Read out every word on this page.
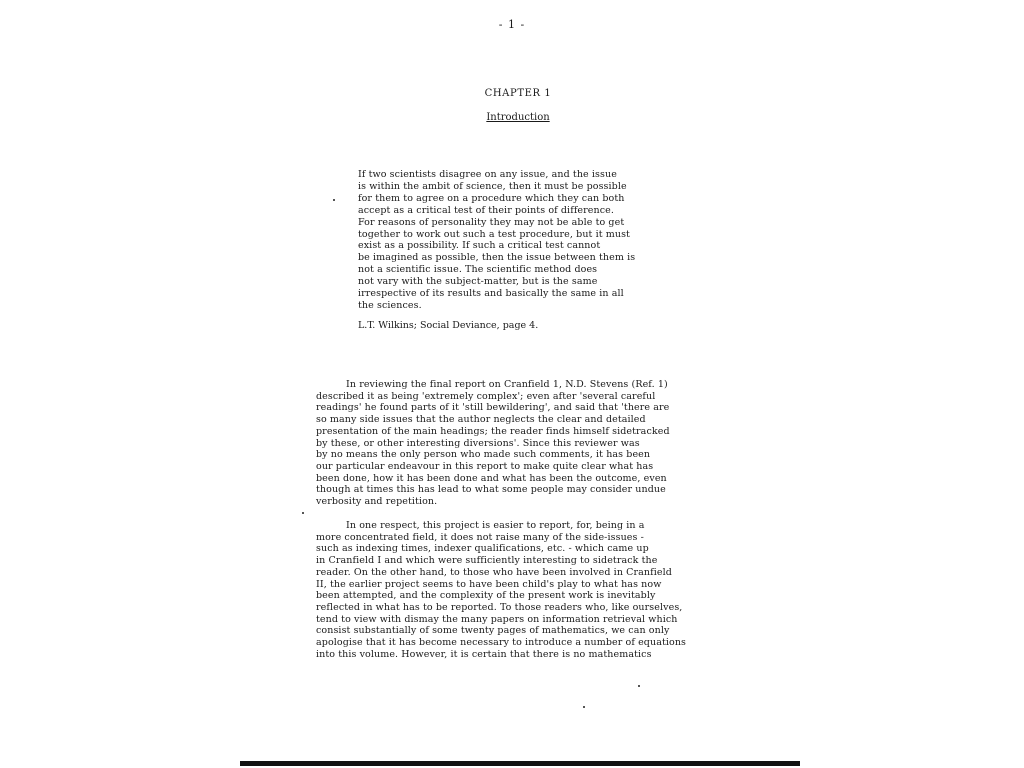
- 1 -
CHAPTER 1
Introduction
If two scientists disagree on any issue, and the issue
is within the ambit of science, then it must be possible
for them to agree on a procedure which they can both
accept as a critical test of their points of difference.
For reasons of personality they may not be able to get
together to work out such a test procedure, but it must
exist as a possibility. If such a critical test cannot
be imagined as possible, then the issue between them is
not a scientific issue. The scientific method does
not vary with the subject-matter, but is the same
irrespective of its results and basically the same in all
the sciences.
L.T. Wilkins; Social Deviance, page 4.
In reviewing the final report on Cranfield 1, N.D. Stevens (Ref. 1)
described it as being 'extremely complex'; even after 'several careful
readings' he found parts of it 'still bewildering', and said that 'there are
so many side issues that the author neglects the clear and detailed
presentation of the main headings; the reader finds himself sidetracked
by these, or other interesting diversions'. Since this reviewer was
by no means the only person who made such comments, it has been
our particular endeavour in this report to make quite clear what has
been done, how it has been done and what has been the outcome, even
though at times this has lead to what some people may consider undue
verbosity and repetition.
In one respect, this project is easier to report, for, being in a
more concentrated field, it does not raise many of the side-issues -
such as indexing times, indexer qualifications, etc. - which came up
in Cranfield I and which were sufficiently interesting to sidetrack the
reader. On the other hand, to those who have been involved in Cranfield
II, the earlier project seems to have been child's play to what has now
been attempted, and the complexity of the present work is inevitably
reflected in what has to be reported. To those readers who, like ourselves,
tend to view with dismay the many papers on information retrieval which
consist substantially of some twenty pages of mathematics, we can only
apologise that it has become necessary to introduce a number of equations
into this volume. However, it is certain that there is no mathematics
